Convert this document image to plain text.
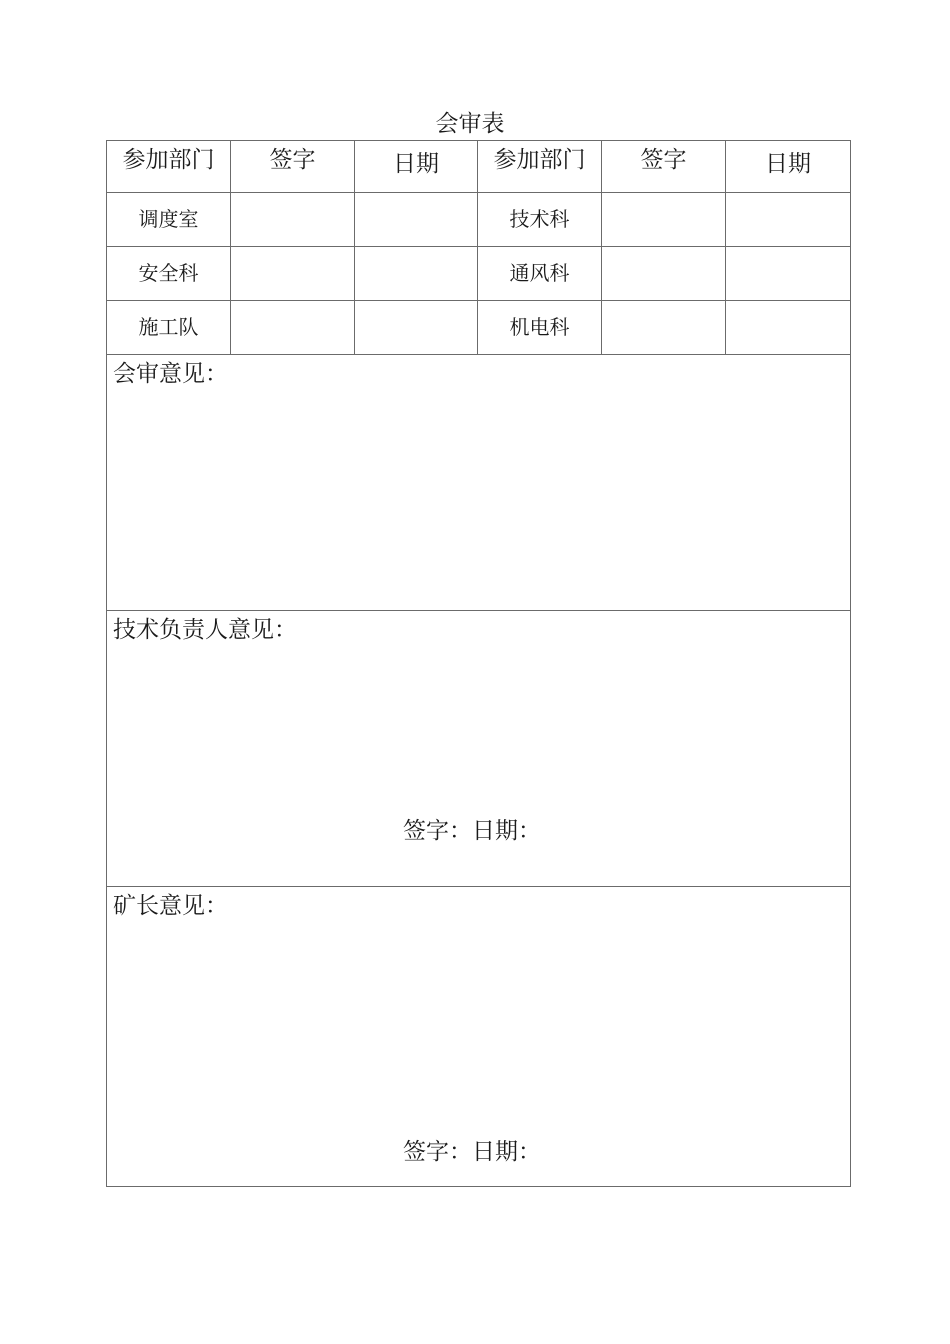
会审表
参加部门	签字	日期	参加部门	签字	日期

调度室			技术科		

安全科			通风科		

施工队			机电科		

会审意见：					

技术负责人意见：
签字：日期：					

矿长意见：
签字：日期：					
